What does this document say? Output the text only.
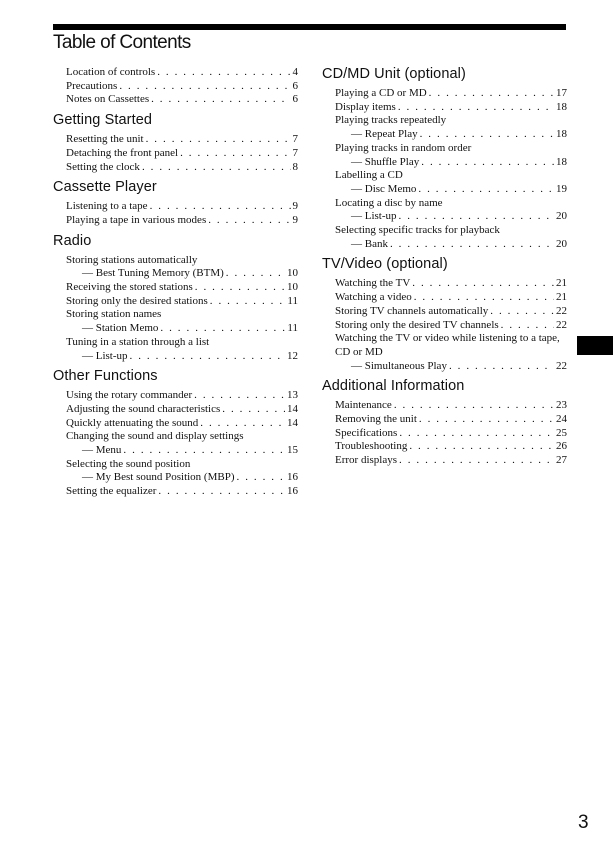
Table of Contents
Location of controls . . .	4
Precautions . . .	6
Notes on Cassettes . . .	6
Getting Started
Resetting the unit . . .	7
Detaching the front panel . . .	7
Setting the clock . . .	8
Cassette Player
Listening to a tape . . .	9
Playing a tape in various modes . . .	9
Radio
Storing stations automatically
— Best Tuning Memory (BTM) . . .	10
Receiving the stored stations . . .	10
Storing only the desired stations . . .	11
Storing station names
— Station Memo . . .	11
Tuning in a station through a list
— List-up . . .	12
Other Functions
Using the rotary commander . . .	13
Adjusting the sound characteristics . . .	14
Quickly attenuating the sound . . .	14
Changing the sound and display settings
— Menu . . .	15
Selecting the sound position
— My Best sound Position (MBP) . . .	16
Setting the equalizer . . .	16
CD/MD Unit (optional)
Playing a CD or MD . . .	17
Display items . . .	18
Playing tracks repeatedly
— Repeat Play . . .	18
Playing tracks in random order
— Shuffle Play . . .	18
Labelling a CD
— Disc Memo . . .	19
Locating a disc by name
— List-up . . .	20
Selecting specific tracks for playback
— Bank . . .	20
TV/Video (optional)
Watching the TV . . .	21
Watching a video . . .	21
Storing TV channels automatically . . .	22
Storing only the desired TV channels . . .	22
Watching the TV or video while listening to a tape, CD or MD
— Simultaneous Play . . .	22
Additional Information
Maintenance . . .	23
Removing the unit . . .	24
Specifications . . .	25
Troubleshooting . . .	26
Error displays . . .	27
3
